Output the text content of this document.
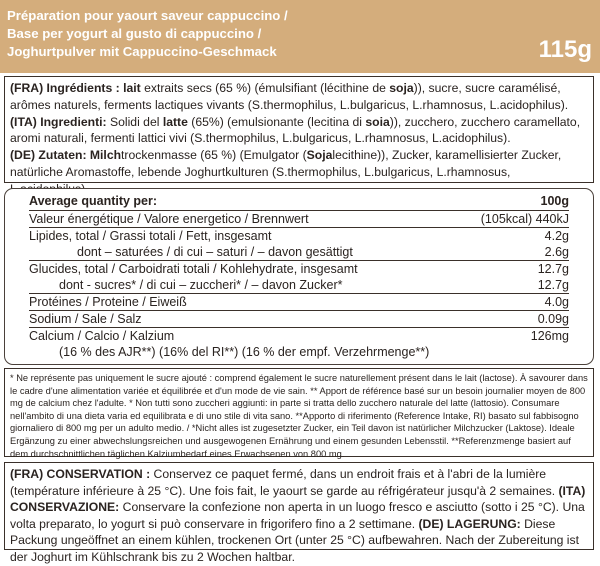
Préparation pour yaourt saveur cappuccino /
Base per yogurt al gusto di cappuccino /
Joghurtpulver mit Cappuccino-Geschmack	115g

(FRA) Ingrédients : lait extraits secs (65 %) (émulsifiant (lécithine de soja)), sucre, sucre caramélisé, arômes naturels, ferments lactiques vivants (S.thermophilus, L.bulgaricus, L.rhamnosus, L.acidophilus).

(ITA) Ingredienti: Solidi del latte (65%) (emulsionante (lecitina di soia)), zucchero, zucchero caramellato, aromi naturali, fermenti lattici vivi (S.thermophilus, L.bulgaricus, L.rhamnosus, L.acidophilus).

(DE) Zutaten: Milchtrockenmasse (65 %) (Emulgator (Sojalecithine)), Zucker, karamellisierter Zucker, natürliche Aromastoffe, lebende Joghurtkulturen (S.thermophilus, L.bulgaricus, L.rhamnosus,

Average quantity per:	100g
Valeur énergétique / Valore energetico / Brennwert	(105kcal) 440kJ
Lipides, total / Grassi totali / Fett, insgesamt	4.2g
dont – saturées / di cui – saturi / – davon gesättigt	2.6g
Glucides, total / Carboidrati totali / Kohlehydrate, insgesamt	12.7g
dont - sucres* / di cui – zuccheri* / – davon Zucker*	12.7g
Protéines / Proteine / Eiweiß	4.0g
Sodium / Sale / Salz	0.09g
Calcium / Calcio / Kalzium	126mg
(16 % des AJR**) (16% del RI**) (16 % der empf. Verzehrmenge**)

* Ne représente pas uniquement le sucre ajouté : comprend également le sucre naturellement présent dans le lait (lactose). À savourer dans le cadre d'une alimentation variée et équilibrée et d'un mode de vie sain. ** Apport de référence basé sur un besoin journalier moyen de 800 mg de calcium chez l'adulte. * Non tutti sono zuccheri aggiunti: in parte si tratta dello zucchero naturale del latte (lattosio). Consumare nell'ambito di una dieta varia ed equilibrata e di uno stile di vita sano. **Apporto di riferimento (Reference Intake, RI) basato sul fabbisogno giornaliero di 800 mg per un adulto medio. / *Nicht alles ist zugesetzter Zucker, ein Teil davon ist natürlicher Milchzucker (Laktose). Ideale Ergänzung zu einer abwechslungsreichen und ausgewogenen Ernährung und einem gesunden Lebensstil. **Referenzmenge basiert auf dem durchschnittlichen täglichen Kalziumbedarf eines Erwachsenen von 800 mg.

(FRA) CONSERVATION : Conservez ce paquet fermé, dans un endroit frais et à l'abri de la lumière (température inférieure à 25 °C). Une fois fait, le yaourt se garde au réfrigérateur jusqu'à 2 semaines. (ITA) CONSERVAZIONE: Conservare la confezione non aperta in un luogo fresco e asciutto (sotto i 25 °C). Una volta preparato, lo yogurt si può conservare in frigorifero fino a 2 settimane. (DE) LAGERUNG: Diese Packung ungeöffnet an einem kühlen, trockenen Ort (unter 25 °C) aufbewahren. Nach der Zubereitung ist der Joghurt im Kühlschrank bis zu 2 Wochen haltbar.
